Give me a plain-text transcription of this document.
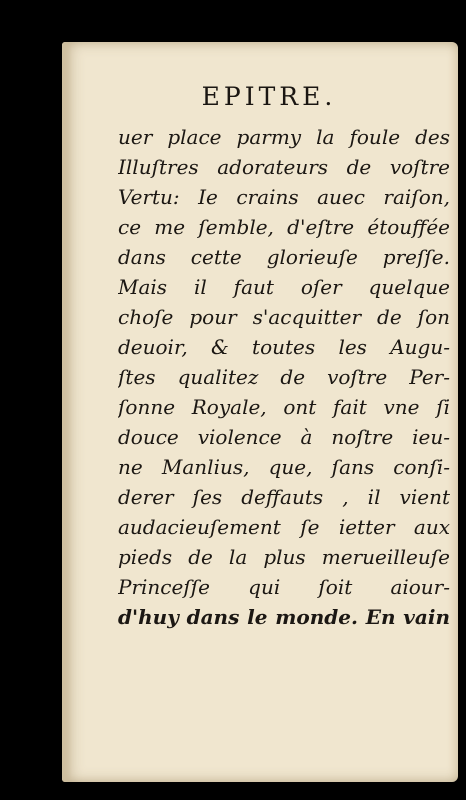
EPITRE.
uer place parmy la foule des
Illuſtres adorateurs de voſtre
Vertu: Ie crains auec raiſon,
ce me ſemble, d'eſtre étouffée
dans cette glorieuſe preſſe.
Mais il faut oſer quelque
choſe pour s'acquitter de ſon
deuoir, & toutes les Augu-
ſtes qualitez de voſtre Per-
ſonne Royale, ont fait vne ſi
douce violence à noſtre ieu-
ne Manlius, que, ſans conſi-
derer ſes deffauts , il vient
audacieuſement ſe ietter aux
pieds de la plus merueilleuſe
Princeſſe qui ſoit aiour-
d'huy dans le monde. En vain
